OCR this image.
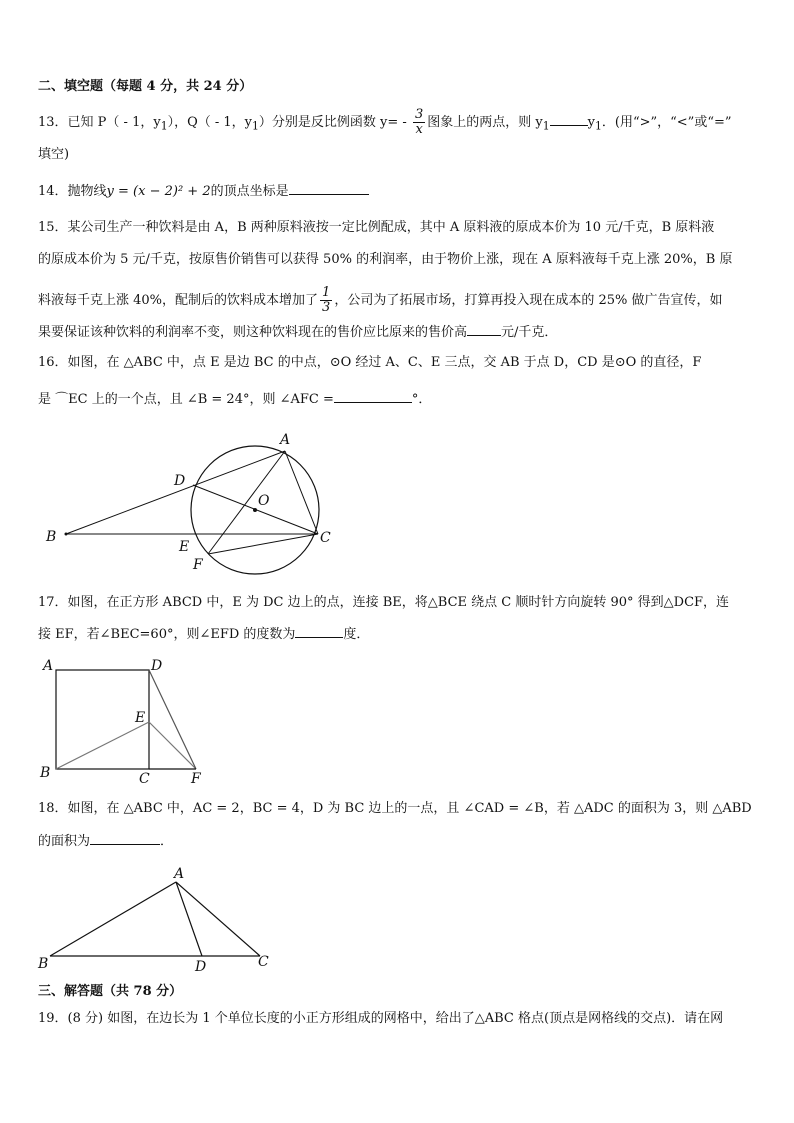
二、填空题（每题 4 分，共 24 分）
13．已知 P（ - 1，$y_1$），Q（ - 1，$y_1$）分别是反比例函数 $y= - \frac{3}{x}$ 图象上的两点，则 $y_1$	$y_1$．(用“>”，“<”或“=”
填空)
14．抛物线y = (x − 2)² + 2的顶点坐标是
15．某公司生产一种饮料是由 A，B 两种原料液按一定比例配成，其中 A 原料液的原成本价为 10 元/千克，B 原料液
的原成本价为 5 元/千克，按原售价销售可以获得 50% 的利润率，由于物价上涨，现在 A 原料液每千克上涨 20%，B 原
料液每千克上涨 40%，配制后的饮料成本增加了 $\frac{1}{3}$ ，公司为了拓展市场，打算再投入现在成本的 25% 做广告宣传，如
果要保证该种饮料的利润率不变，则这种饮料现在的售价应比原来的售价高	元/千克．
16．如图，在 △ABC 中，点 E 是边 BC 的中点，⊙O 经过 A、C、E 三点，交 AB 于点 D，CD 是⊙O 的直径，F
是 ⌒EC 上的一个点，且 ∠B = 24°，则 ∠AFC =	°．
A
B	C
D
E
F
O
17．如图，在正方形 ABCD 中，E 为 DC 边上的点，连接 BE，将△BCE 绕点 C 顺时针方向旋转 90° 得到△DCF，连
接 EF，若∠BEC=60°，则∠EFD 的度数为	度．
A
B	C
D
E
F
18．如图，在 △ABC 中，AC = 2，BC = 4，D 为 BC 边上的一点，且 ∠CAD = ∠B，若 △ADC 的面积为 3，则 △ABD
的面积为	．
A
B	C
D
三、解答题（共 78 分）
19．(8 分) 如图，在边长为 1 个单位长度的小正方形组成的网格中，给出了△ABC 格点(顶点是网格线的交点)．请在网
